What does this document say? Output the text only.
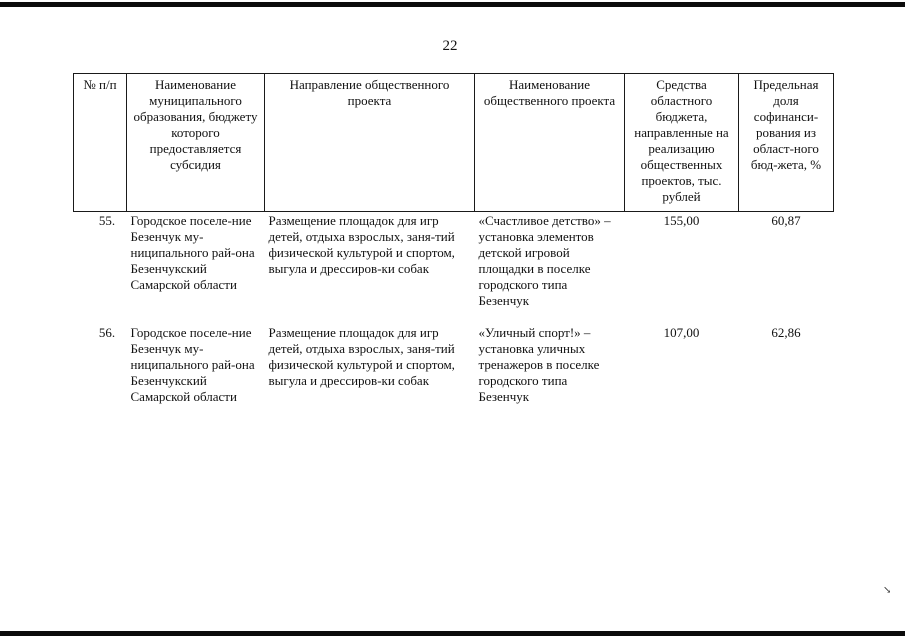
22
№ п/п	Наименование муниципального образования, бюджету которого предоставляется субсидия	Направление общественного проекта	Наименование общественного проекта	Средства областного бюджета, направленные на реализацию общественных проектов, тыс. рублей	Предельная доля софинанси-рования из област-ного бюд-жета, %
55.	Городское поселе-ние Безенчук му-ниципального рай-она Безенчукский Самарской области	Размещение площадок для игр детей, отдыха взрослых, заня-тий физической культурой и спортом, выгула и дрессиров-ки собак	«Счастливое детство» – установка элементов детской игровой площадки в поселке городского типа Безенчук	155,00	60,87
56.	Городское поселе-ние Безенчук му-ниципального рай-она Безенчукский Самарской области	Размещение площадок для игр детей, отдыха взрослых, заня-тий физической культурой и спортом, выгула и дрессиров-ки собак	«Уличный спорт!» – установка уличных тренажеров в поселке городского типа Безенчук	107,00	62,86
↘
